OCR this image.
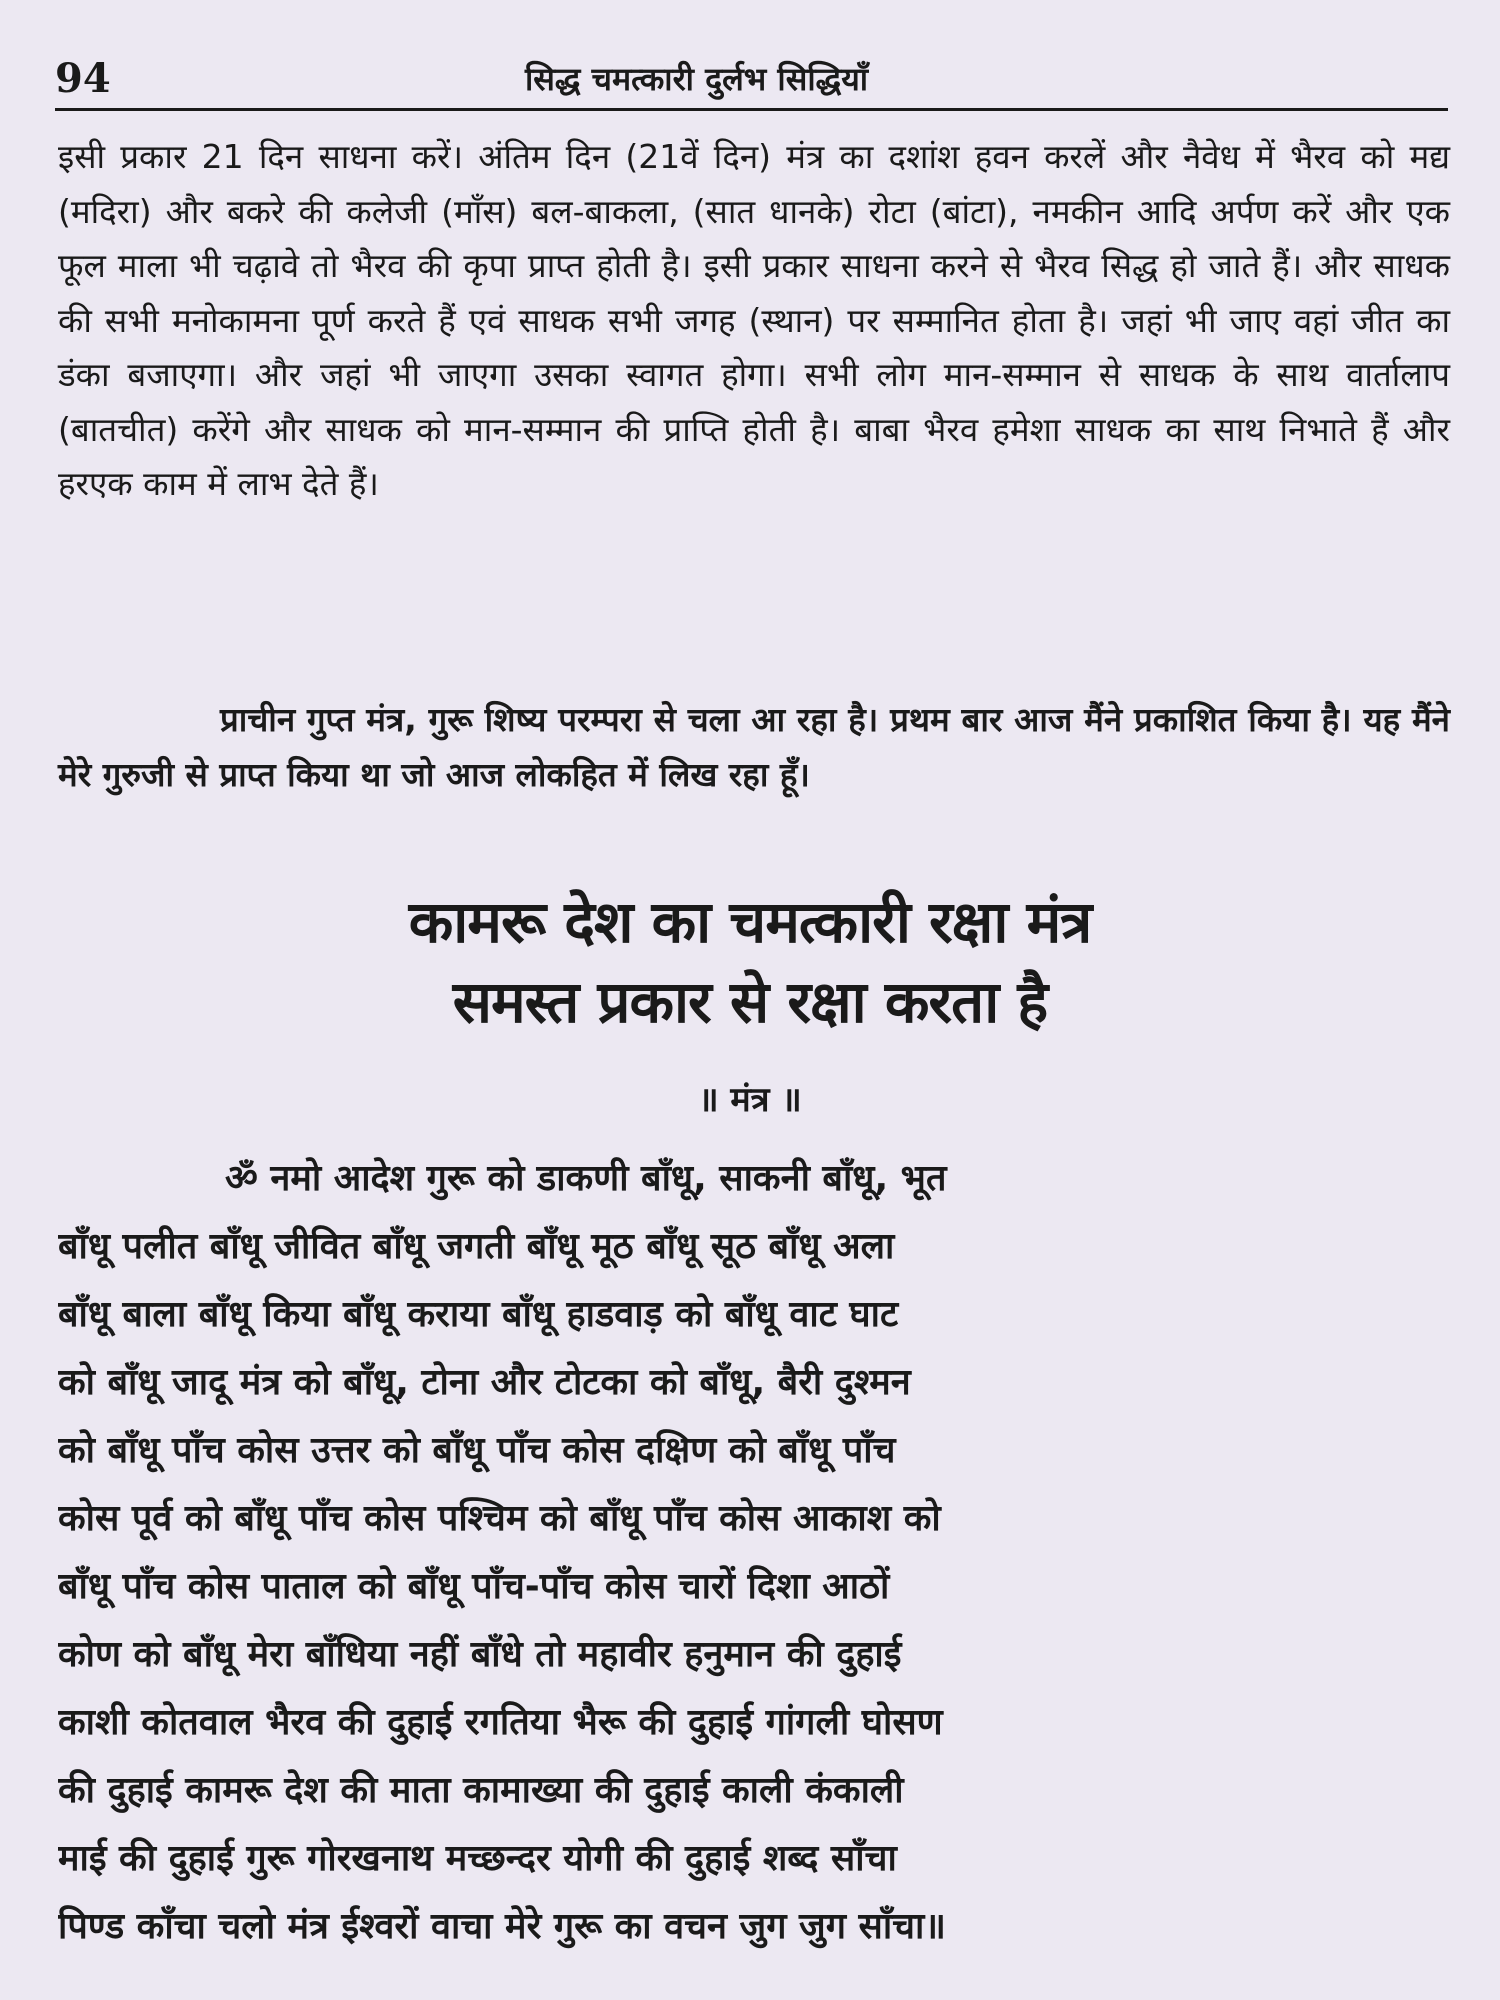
94	सिद्ध चमत्कारी दुर्लभ सिद्धियाँ

इसी प्रकार 21 दिन साधना करें। अंतिम दिन (21वें दिन) मंत्र का दशांश हवन करलें और नैवेध में भैरव को मद्य (मदिरा) और बकरे की कलेजी (माँस) बल-बाकला, (सात धानके) रोटा (बांटा), नमकीन आदि अर्पण करें और एक फूल माला भी चढ़ावे तो भैरव की कृपा प्राप्त होती है। इसी प्रकार साधना करने से भैरव सिद्ध हो जाते हैं। और साधक की सभी मनोकामना पूर्ण करते हैं एवं साधक सभी जगह (स्थान) पर सम्मानित होता है। जहां भी जाए वहां जीत का डंका बजाएगा। और जहां भी जाएगा उसका स्वागत होगा। सभी लोग मान-सम्मान से साधक के साथ वार्तालाप (बातचीत) करेंगे और साधक को मान-सम्मान की प्राप्ति होती है। बाबा भैरव हमेशा साधक का साथ निभाते हैं और हरएक काम में लाभ देते हैं।

प्राचीन गुप्त मंत्र, गुरू शिष्य परम्परा से चला आ रहा है। प्रथम बार आज मैंने प्रकाशित किया है। यह मैंने मेरे गुरुजी से प्राप्त किया था जो आज लोकहित में लिख रहा हूँ।

कामरू देश का चमत्कारी रक्षा मंत्र
समस्त प्रकार से रक्षा करता है
॥ मंत्र ॥
ॐ नमो आदेश गुरू को डाकणी बाँधू, साकनी बाँधू, भूत
बाँधू पलीत बाँधू जीवित बाँधू जगती बाँधू मूठ बाँधू सूठ बाँधू अला
बाँधू बाला बाँधू किया बाँधू कराया बाँधू हाडवाड़ को बाँधू वाट घाट
को बाँधू जादू मंत्र को बाँधू, टोना और टोटका को बाँधू, बैरी दुश्मन
को बाँधू पाँच कोस उत्तर को बाँधू पाँच कोस दक्षिण को बाँधू पाँच
कोस पूर्व को बाँधू पाँच कोस पश्चिम को बाँधू पाँच कोस आकाश को
बाँधू पाँच कोस पाताल को बाँधू पाँच-पाँच कोस चारों दिशा आठों
कोण को बाँधू मेरा बाँधिया नहीं बाँधे तो महावीर हनुमान की दुहाई
काशी कोतवाल भैरव की दुहाई रगतिया भैरू की दुहाई गांगली घोसण
की दुहाई कामरू देश की माता कामाख्या की दुहाई काली कंकाली
माई की दुहाई गुरू गोरखनाथ मच्छन्दर योगी की दुहाई शब्द साँचा
पिण्ड काँचा चलो मंत्र ईश्वरों वाचा मेरे गुरू का वचन जुग जुग साँचा॥
